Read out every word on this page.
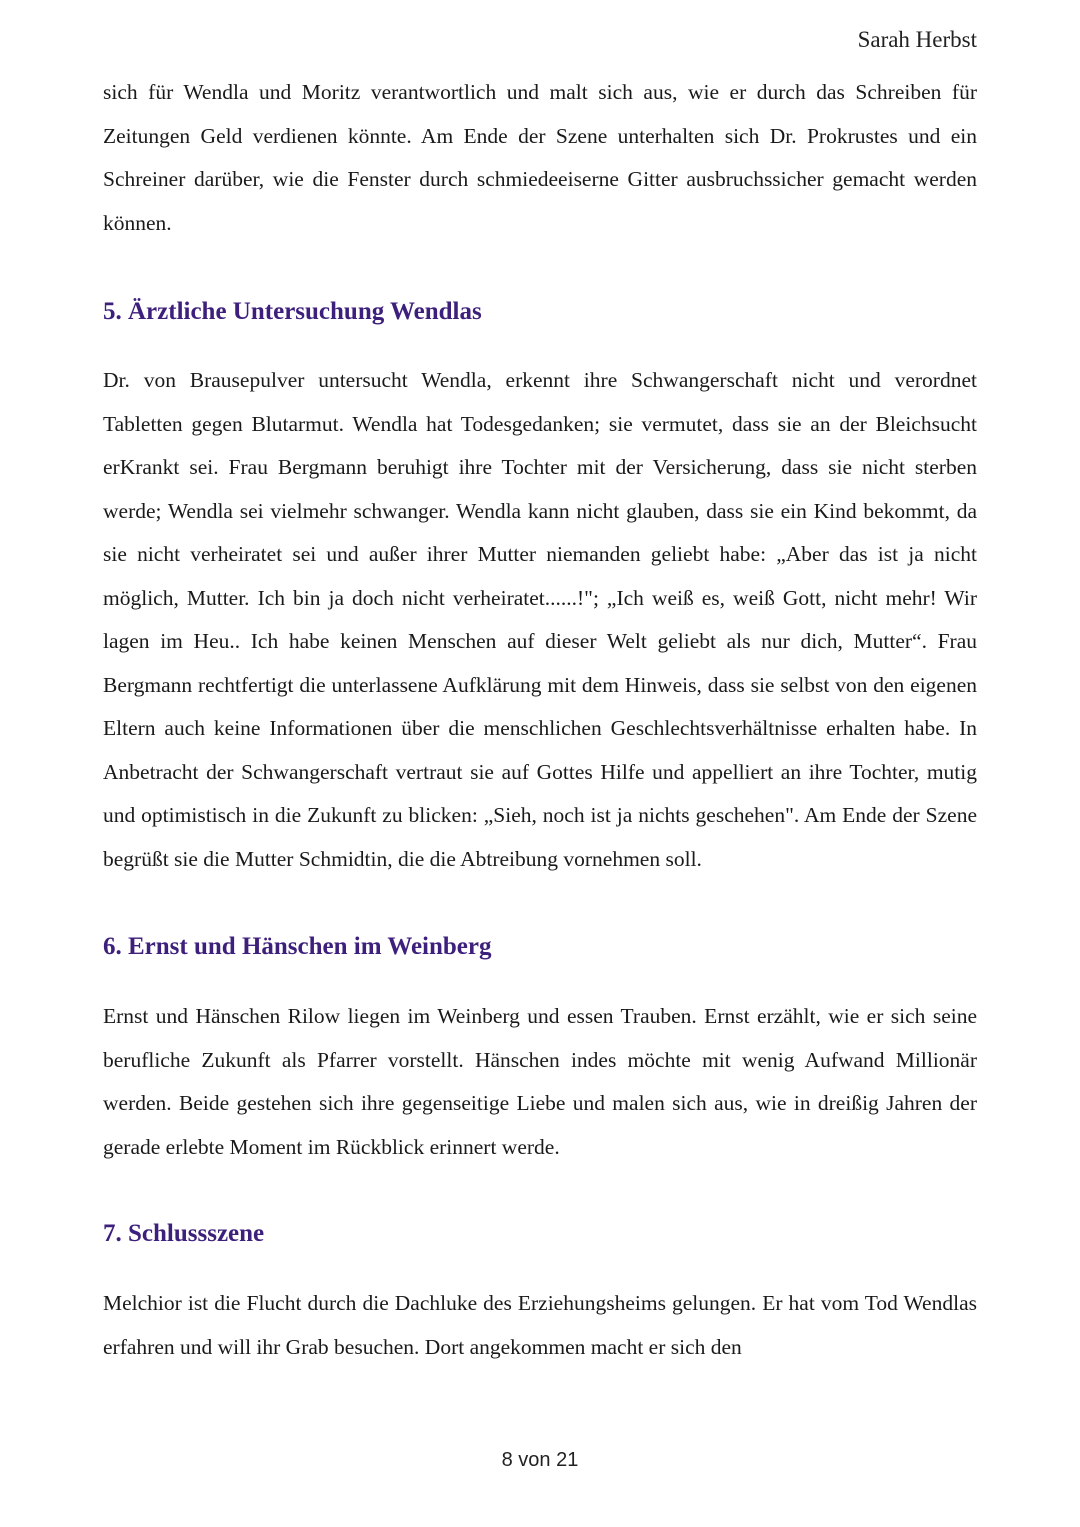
Sarah Herbst

sich für Wendla und Moritz verantwortlich und malt sich aus, wie er durch das Schreiben für Zeitungen Geld verdienen könnte. Am Ende der Szene unterhalten sich Dr. Prokrustes und ein Schreiner darüber, wie die Fenster durch schmiedeeiserne Gitter ausbruchssicher gemacht werden können.

5. Ärztliche Untersuchung Wendlas

Dr. von Brausepulver untersucht Wendla, erkennt ihre Schwangerschaft nicht und verordnet Tabletten gegen Blutarmut. Wendla hat Todesgedanken; sie vermutet, dass sie an der Bleichsucht erKrankt sei. Frau Bergmann beruhigt ihre Tochter mit der Versicherung, dass sie nicht sterben werde; Wendla sei vielmehr schwanger. Wendla kann nicht glauben, dass sie ein Kind bekommt, da sie nicht verheiratet sei und außer ihrer Mutter niemanden geliebt habe: „Aber das ist ja nicht möglich, Mutter. Ich bin ja doch nicht verheiratet......!"; „Ich weiß es, weiß Gott, nicht mehr! Wir lagen im Heu.. Ich habe keinen Menschen auf dieser Welt geliebt als nur dich, Mutter“. Frau Bergmann rechtfertigt die unterlassene Aufklärung mit dem Hinweis, dass sie selbst von den eigenen Eltern auch keine Informationen über die menschlichen Geschlechtsverhältnisse erhalten habe. In Anbetracht der Schwangerschaft vertraut sie auf Gottes Hilfe und appelliert an ihre Tochter, mutig und optimistisch in die Zukunft zu blicken: „Sieh, noch ist ja nichts geschehen". Am Ende der Szene begrüßt sie die Mutter Schmidtin, die die Abtreibung vornehmen soll.

6. Ernst und Hänschen im Weinberg

Ernst und Hänschen Rilow liegen im Weinberg und essen Trauben. Ernst erzählt, wie er sich seine berufliche Zukunft als Pfarrer vorstellt. Hänschen indes möchte mit wenig Aufwand Millionär werden. Beide gestehen sich ihre gegenseitige Liebe und malen sich aus, wie in dreißig Jahren der gerade erlebte Moment im Rückblick erinnert werde.

7. Schlussszene

Melchior ist die Flucht durch die Dachluke des Erziehungsheims gelungen. Er hat vom Tod Wendlas erfahren und will ihr Grab besuchen. Dort angekommen macht er sich den

8 von 21
